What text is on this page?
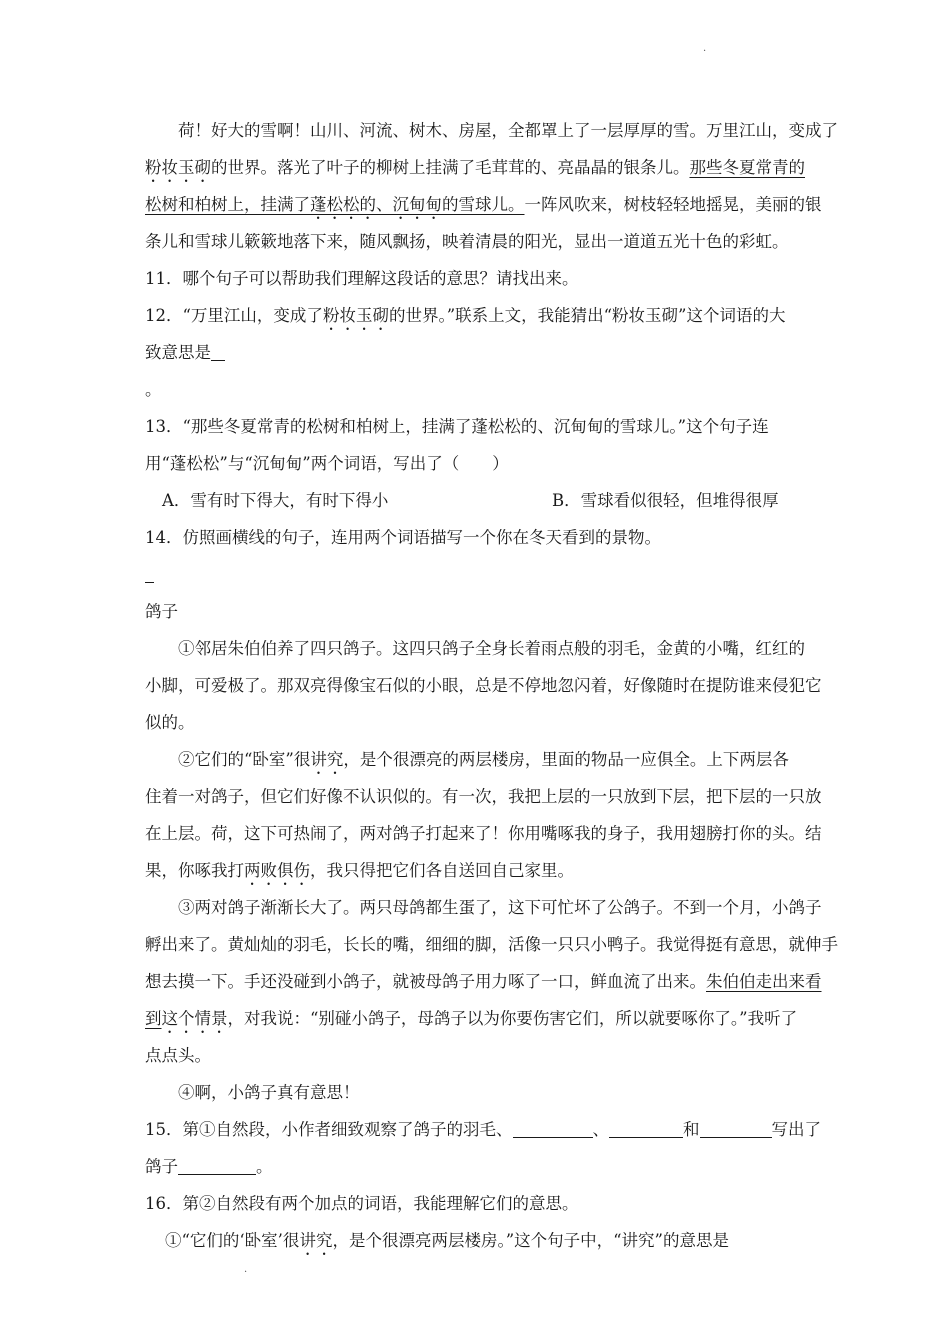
.
.
荷！好大的雪啊！山川、河流、树木、房屋，全都罩上了一层厚厚的雪。万里江山，变成了
粉妆玉砌的世界。落光了叶子的柳树上挂满了毛茸茸的、亮晶晶的银条儿。那些冬夏常青的
松树和柏树上，挂满了蓬松松的、沉甸甸的雪球儿。一阵风吹来，树枝轻轻地摇晃，美丽的银
条儿和雪球儿簌簌地落下来，随风飘扬，映着清晨的阳光，显出一道道五光十色的彩虹。
11．哪个句子可以帮助我们理解这段话的意思？请找出来。
12．“万里江山，变成了粉妆玉砌的世界。”联系上文，我能猜出“粉妆玉砌”这个词语的大
致意思是
。
13．“那些冬夏常青的松树和柏树上，挂满了蓬松松的、沉甸甸的雪球儿。”这个句子连
用“蓬松松”与“沉甸甸”两个词语，写出了（　　）
A．雪有时下得大，有时下得小	B．雪球看似很轻，但堆得很厚
14．仿照画横线的句子，连用两个词语描写一个你在冬天看到的景物。
鸽子
①邻居朱伯伯养了四只鸽子。这四只鸽子全身长着雨点般的羽毛，金黄的小嘴，红红的
小脚，可爱极了。那双亮得像宝石似的小眼，总是不停地忽闪着，好像随时在提防谁来侵犯它
似的。
②它们的“卧室”很讲究，是个很漂亮的两层楼房，里面的物品一应俱全。上下两层各
住着一对鸽子，但它们好像不认识似的。有一次，我把上层的一只放到下层，把下层的一只放
在上层。荷，这下可热闹了，两对鸽子打起来了！你用嘴啄我的身子，我用翅膀打你的头。结
果，你啄我打两败俱伤，我只得把它们各自送回自己家里。
③两对鸽子渐渐长大了。两只母鸽都生蛋了，这下可忙坏了公鸽子。不到一个月，小鸽子
孵出来了。黄灿灿的羽毛，长长的嘴，细细的脚，活像一只只小鸭子。我觉得挺有意思，就伸手
想去摸一下。手还没碰到小鸽子，就被母鸽子用力啄了一口，鲜血流了出来。朱伯伯走出来看
到这个情景，对我说：“别碰小鸽子，母鸽子以为你要伤害它们，所以就要啄你了。”我听了
点点头。
④啊，小鸽子真有意思！
15．第①自然段，小作者细致观察了鸽子的羽毛、	、	和	写出了
鸽子	。
16．第②自然段有两个加点的词语，我能理解它们的意思。
①“它们的‘卧室’很讲究，是个很漂亮两层楼房。”这个句子中，“讲究”的意思是
